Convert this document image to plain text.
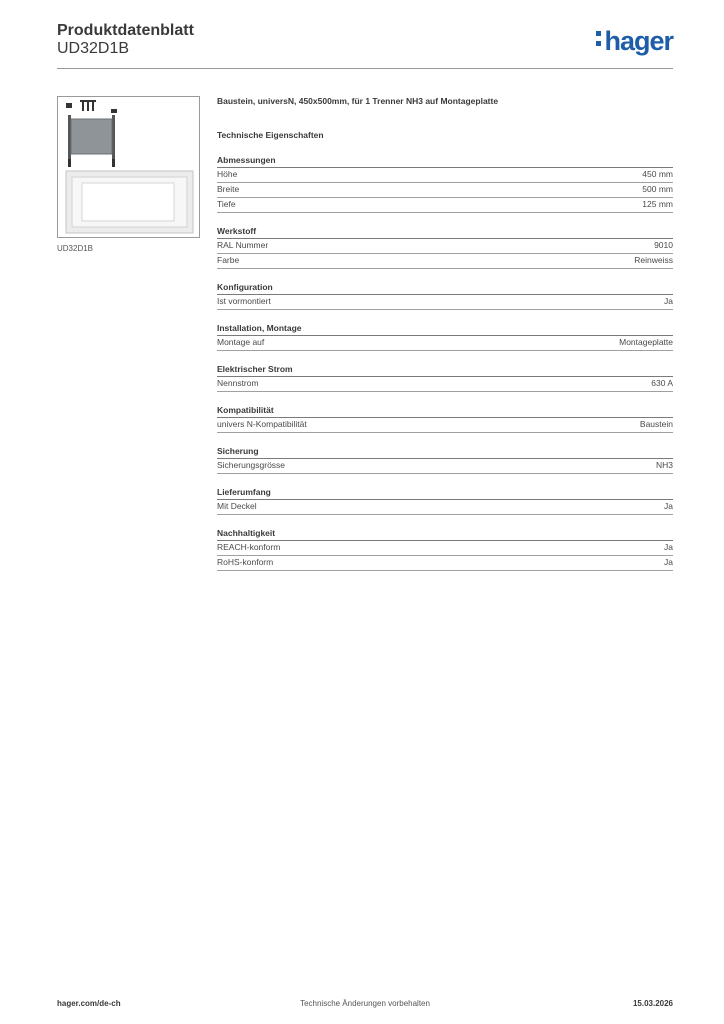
Produktdatenblatt
UD32D1B	hager
UD32D1B
Baustein, universN, 450x500mm, für 1 Trenner NH3 auf Montageplatte
Technische Eigenschaften
Abmessungen
Höhe	450 mm
Breite	500 mm
Tiefe	125 mm
Werkstoff
RAL Nummer	9010
Farbe	Reinweiss
Konfiguration
Ist vormontiert	Ja
Installation, Montage
Montage auf	Montageplatte
Elektrischer Strom
Nennstrom	630 A
Kompatibilität
univers N-Kompatibilität	Baustein
Sicherung
Sicherungsgrösse	NH3
Lieferumfang
Mit Deckel	Ja
Nachhaltigkeit
REACH-konform	Ja
RoHS-konform	Ja
Technische Änderungen vorbehalten
hager.com/de-ch	15.03.2026
